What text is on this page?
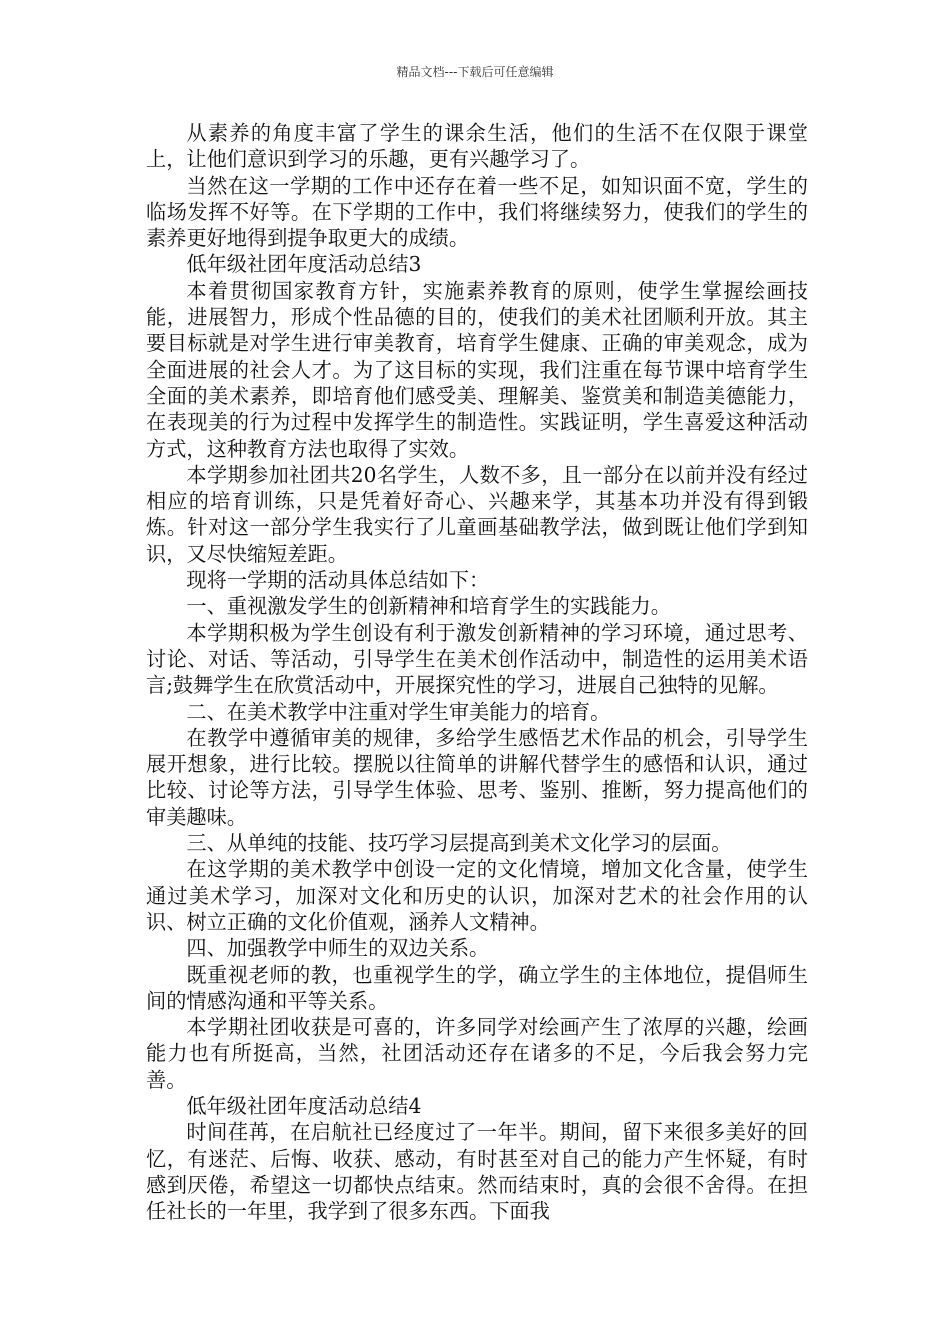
精品文档---下载后可任意编辑

从素养的角度丰富了学生的课余生活，他们的生活不在仅限于课堂上，让他们意识到学习的乐趣，更有兴趣学习了。

当然在这一学期的工作中还存在着一些不足，如知识面不宽，学生的临场发挥不好等。在下学期的工作中，我们将继续努力，使我们的学生的素养更好地得到提争取更大的成绩。

低年级社团年度活动总结3

本着贯彻国家教育方针，实施素养教育的原则，使学生掌握绘画技能，进展智力，形成个性品德的目的，使我们的美术社团顺利开放。其主要目标就是对学生进行审美教育，培育学生健康、正确的审美观念，成为全面进展的社会人才。为了这目标的实现，我们注重在每节课中培育学生全面的美术素养，即培育他们感受美、理解美、鉴赏美和制造美德能力，在表现美的行为过程中发挥学生的制造性。实践证明，学生喜爱这种活动方式，这种教育方法也取得了实效。

本学期参加社团共20名学生，人数不多，且一部分在以前并没有经过相应的培育训练，只是凭着好奇心、兴趣来学，其基本功并没有得到锻炼。针对这一部分学生我实行了儿童画基础教学法，做到既让他们学到知识，又尽快缩短差距。

现将一学期的活动具体总结如下：

一、重视激发学生的创新精神和培育学生的实践能力。

本学期积极为学生创设有利于激发创新精神的学习环境，通过思考、讨论、对话、等活动，引导学生在美术创作活动中，制造性的运用美术语言;鼓舞学生在欣赏活动中，开展探究性的学习，进展自己独特的见解。

二、在美术教学中注重对学生审美能力的培育。

在教学中遵循审美的规律，多给学生感悟艺术作品的机会，引导学生展开想象，进行比较。摆脱以往简单的讲解代替学生的感悟和认识，通过比较、讨论等方法，引导学生体验、思考、鉴别、推断，努力提高他们的审美趣味。

三、从单纯的技能、技巧学习层提高到美术文化学习的层面。

在这学期的美术教学中创设一定的文化情境，增加文化含量，使学生通过美术学习，加深对文化和历史的认识，加深对艺术的社会作用的认识、树立正确的文化价值观，涵养人文精神。

四、加强教学中师生的双边关系。

既重视老师的教，也重视学生的学，确立学生的主体地位，提倡师生间的情感沟通和平等关系。

本学期社团收获是可喜的，许多同学对绘画产生了浓厚的兴趣，绘画能力也有所挺高，当然，社团活动还存在诸多的不足，今后我会努力完善。

低年级社团年度活动总结4

时间荏苒，在启航社已经度过了一年半。期间，留下来很多美好的回忆，有迷茫、后悔、收获、感动，有时甚至对自己的能力产生怀疑，有时感到厌倦，希望这一切都快点结束。然而结束时，真的会很不舍得。在担任社长的一年里，我学到了很多东西。下面我
